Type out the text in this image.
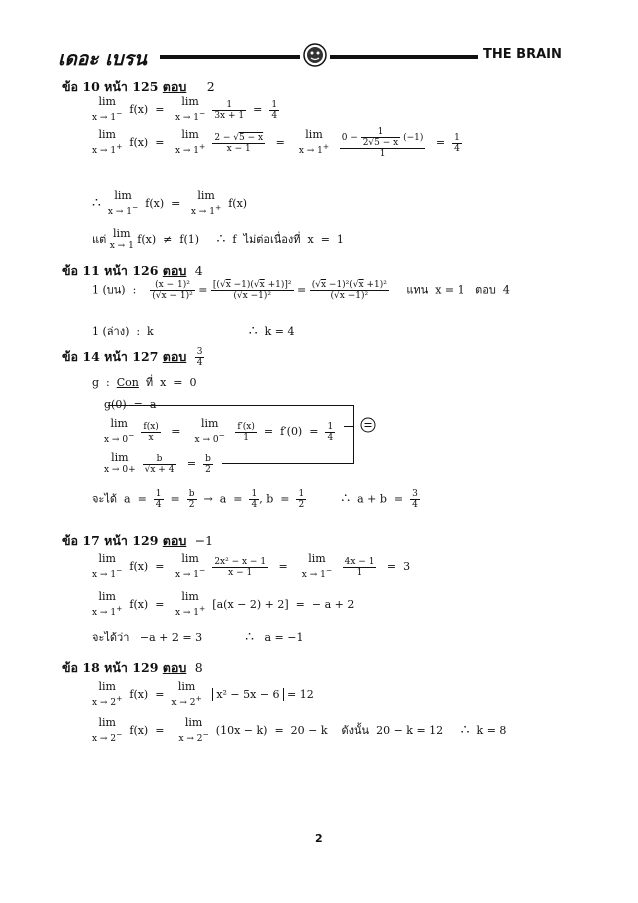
เดอะ เบรน	THE BRAIN
ข้อ 10 หน้า 125 ตอบ 2
lim
x → 1− f(x)  =   lim
x → 1−
$\frac{1}{3x + 1} = \frac{1}{4}$
lim
x → 1+ f(x)  =   lim
x → 1+
$\frac{2 - √5 - x}{x - 1}$ =    lim
x → 1+
$\frac{0 - \frac{1}{2√5 - x} (-1)}{1} = \frac{1}{4}$
∴ lim
x → 1− f(x)  =   lim
x → 1+ f(x)
แต่ lim
x → 1 f(x)  ≠  f(1)     ∴  f  ไม่ต่อเนื่องที่  x  =  1
ข้อ 11 หน้า 126 ตอบ 4
1 (บน)  : $\frac{\text{(x − 1)²}}{\text{(√x − 1)²}} = \frac{\text{[(√x −1)(√x +1)]²}}{\text{(√x −1)²}} = \frac{\text{(√x −1)²(√x +1)²}}{\text{(√x −1)²}}$ แทน  x = 1   ตอบ  4
1 (ล่าง)  :  k	∴  k = 4
ข้อ 14 หน้า 127 ตอบ $\frac{3}{4}$
g  :  Con  ที่  x  =  0
g(0)  =  a
lim
x → 0−
$\frac{f(x)}{x}$ =    lim
x → 0−
$\frac{f'(x)}{1} = f'(0) = \frac{1}{4}$
lim
x → 0+
$\frac{b}{√x + 4} = \frac{b}{2}$
จะได้  $a = \frac{1}{4} = \frac{b}{2} \to a = \frac{1}{4}$ , $b = \frac{1}{2}$	∴  $a + b = \frac{3}{4}$
ข้อ 17 หน้า 129 ตอบ −1
lim
x → 1− f(x)  =   lim
x → 1−
$\frac{\text{2x² − x − 1}}{x - 1}$ =    lim
x → 1−
$\frac{4x - 1}{1} = 3$
lim
x → 1+ f(x)  =   lim
x → 1+ [a(x − 2) + 2]  =  − a + 2
จะได้ว่า   −a + 2 = 3	∴   a = −1
ข้อ 18 หน้า 129 ตอบ 8
lim
x → 2+ f(x)  =  lim
x → 2+ x² − 5x − 6 = 12
lim
x → 2− f(x)  =    lim
x → 2− (10x − k)  =  20 − k    ดังนั้น  20 − k = 12     ∴  k = 8
2
